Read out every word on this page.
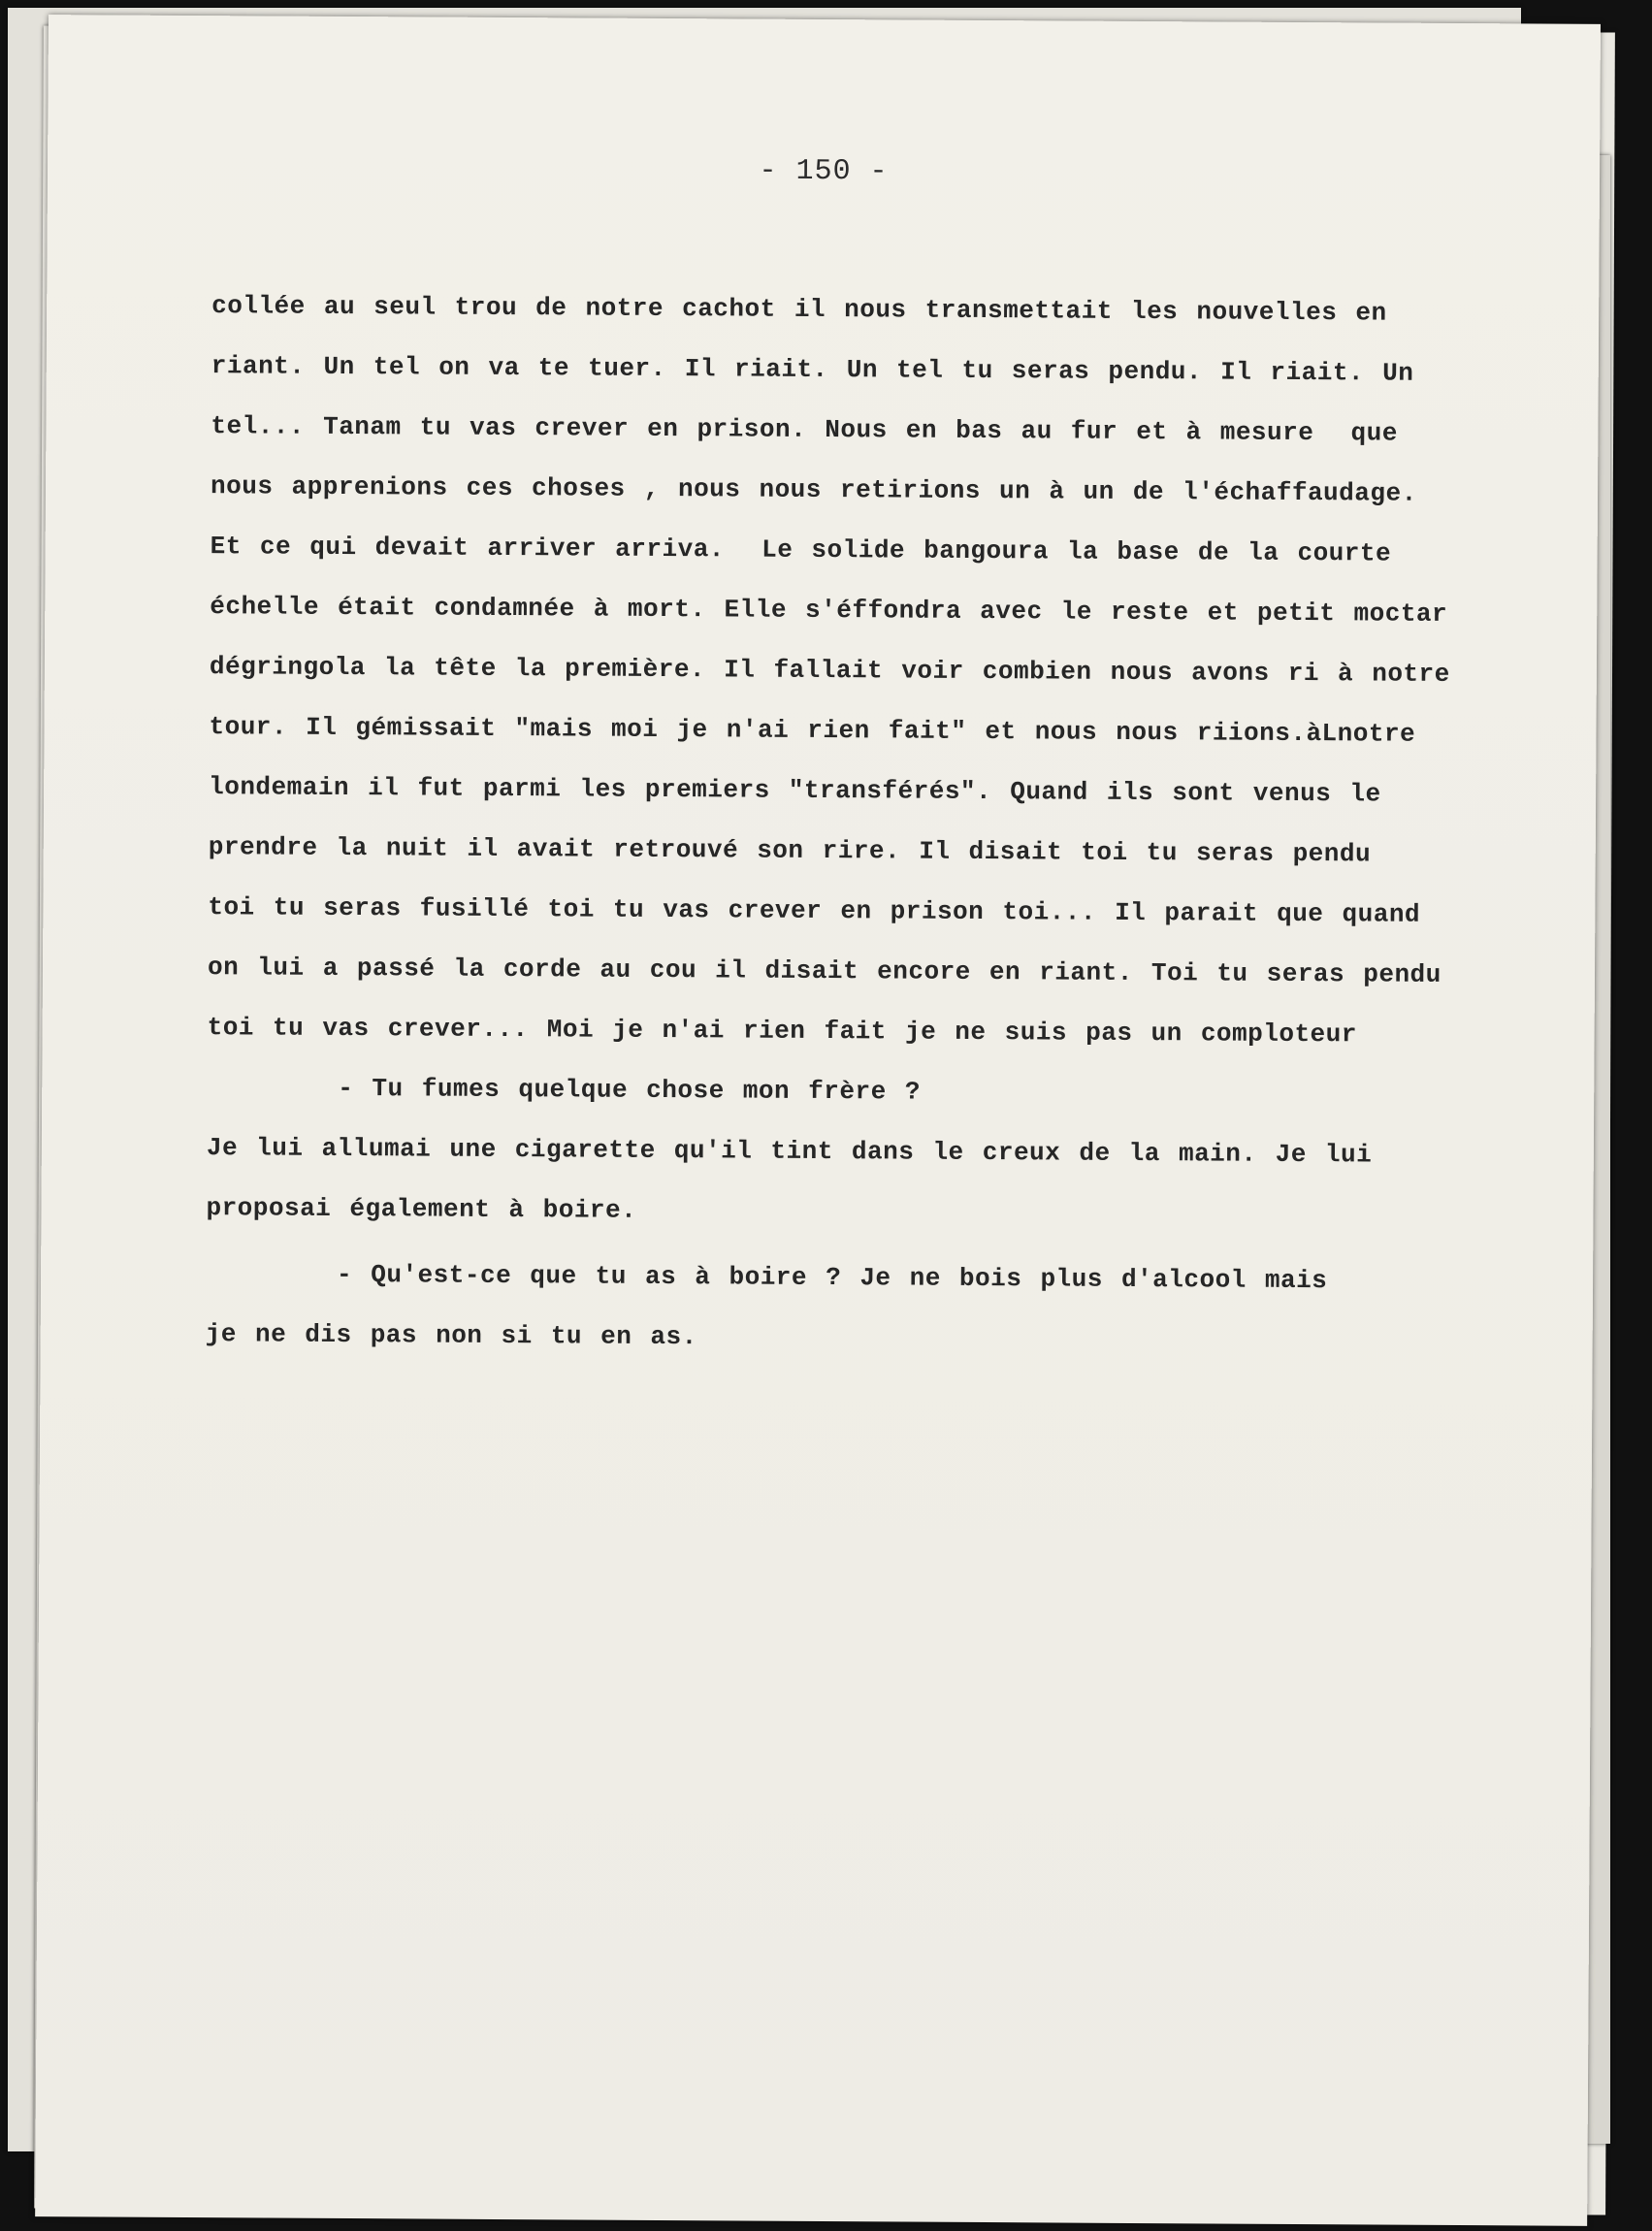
- 150 -
collée au seul trou de notre cachot il nous transmettait les nouvelles en
riant. Un tel on va te tuer. Il riait. Un tel tu seras pendu. Il riait. Un
tel... Tanam tu vas crever en prison. Nous en bas au fur et à mesure  que
nous apprenions ces choses , nous nous retirions un à un de l'échaffaudage.
Et ce qui devait arriver arriva.  Le solide bangoura la base de la courte
échelle était condamnée à mort. Elle s'éffondra avec le reste et petit moctar
dégringola la tête la première. Il fallait voir combien nous avons ri à notre
tour. Il gémissait "mais moi je n'ai rien fait" et nous nous riions.àLnotre
londemain il fut parmi les premiers "transférés". Quand ils sont venus le
prendre la nuit il avait retrouvé son rire. Il disait toi tu seras pendu
toi tu seras fusillé toi tu vas crever en prison toi... Il parait que quand
on lui a passé la corde au cou il disait encore en riant. Toi tu seras pendu
toi tu vas crever... Moi je n'ai rien fait je ne suis pas un comploteur
- Tu fumes quelque chose mon frère ?
Je lui allumai une cigarette qu'il tint dans le creux de la main. Je lui
proposai également à boire.
- Qu'est-ce que tu as à boire ? Je ne bois plus d'alcool mais
je ne dis pas non si tu en as.
